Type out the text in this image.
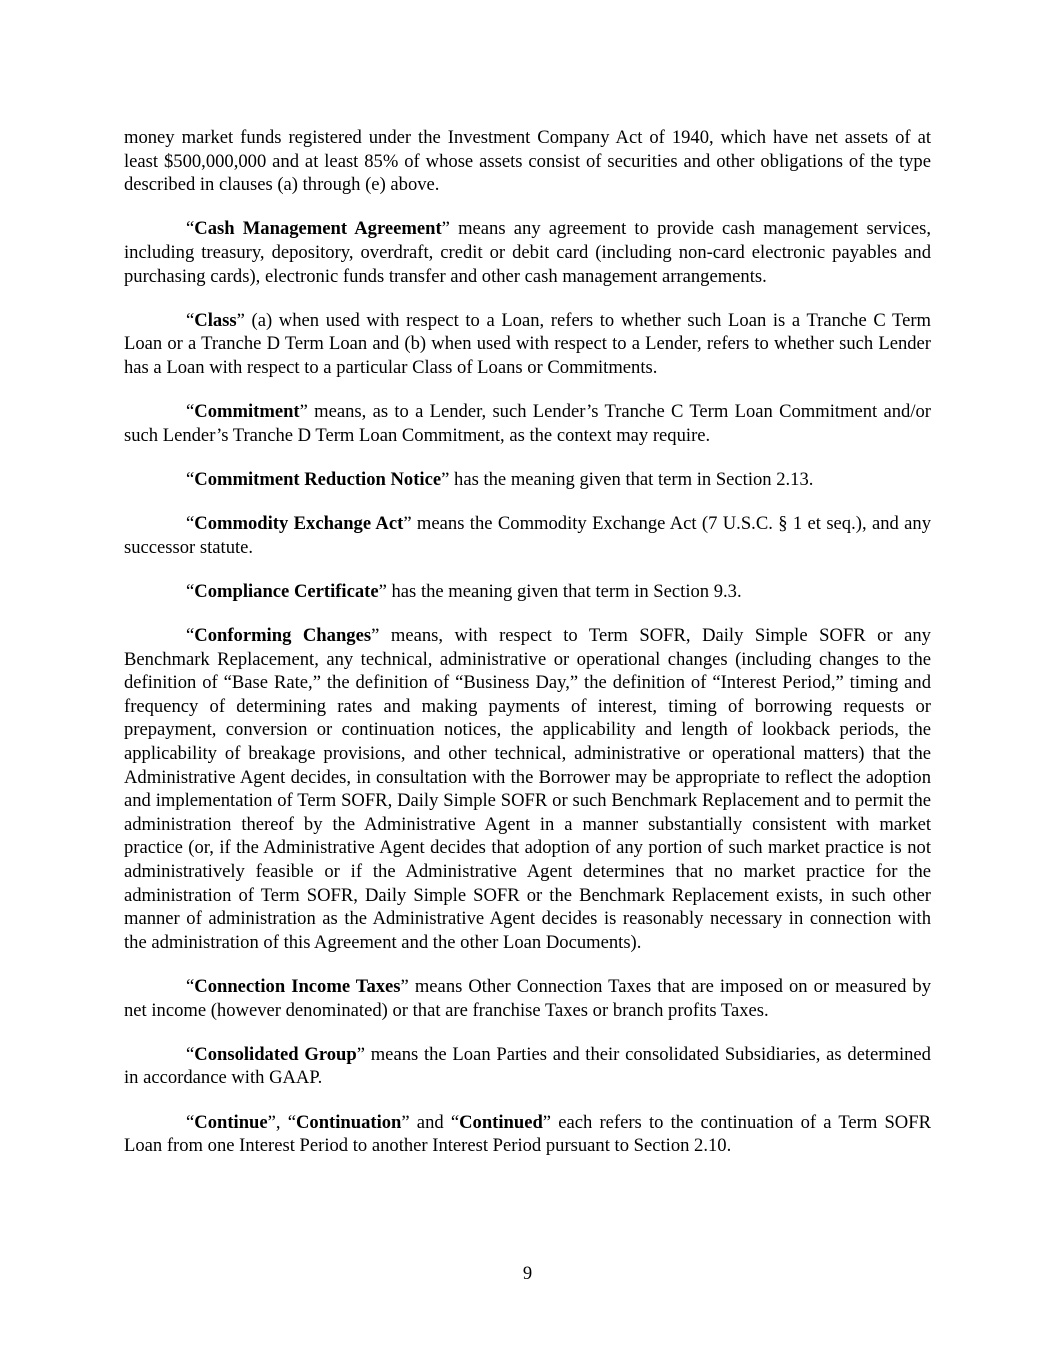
money market funds registered under the Investment Company Act of 1940, which have net assets of at least $500,000,000 and at least 85% of whose assets consist of securities and other obligations of the type described in clauses (a) through (e) above.

“Cash Management Agreement” means any agreement to provide cash management services, including treasury, depository, overdraft, credit or debit card (including non-card electronic payables and purchasing cards), electronic funds transfer and other cash management arrangements.

“Class” (a) when used with respect to a Loan, refers to whether such Loan is a Tranche C Term Loan or a Tranche D Term Loan and (b) when used with respect to a Lender, refers to whether such Lender has a Loan with respect to a particular Class of Loans or Commitments.

“Commitment” means, as to a Lender, such Lender’s Tranche C Term Loan Commitment and/or such Lender’s Tranche D Term Loan Commitment, as the context may require.

“Commitment Reduction Notice” has the meaning given that term in Section 2.13.

“Commodity Exchange Act” means the Commodity Exchange Act (7 U.S.C. § 1 et seq.), and any successor statute.

“Compliance Certificate” has the meaning given that term in Section 9.3.

“Conforming Changes” means, with respect to Term SOFR, Daily Simple SOFR or any Benchmark Replacement, any technical, administrative or operational changes (including changes to the definition of “Base Rate,” the definition of “Business Day,” the definition of “Interest Period,” timing and frequency of determining rates and making payments of interest, timing of borrowing requests or prepayment, conversion or continuation notices, the applicability and length of lookback periods, the applicability of breakage provisions, and other technical, administrative or operational matters) that the Administrative Agent decides, in consultation with the Borrower may be appropriate to reflect the adoption and implementation of Term SOFR, Daily Simple SOFR or such Benchmark Replacement and to permit the administration thereof by the Administrative Agent in a manner substantially consistent with market practice (or, if the Administrative Agent decides that adoption of any portion of such market practice is not administratively feasible or if the Administrative Agent determines that no market practice for the administration of Term SOFR, Daily Simple SOFR or the Benchmark Replacement exists, in such other manner of administration as the Administrative Agent decides is reasonably necessary in connection with the administration of this Agreement and the other Loan Documents).

“Connection Income Taxes” means Other Connection Taxes that are imposed on or measured by net income (however denominated) or that are franchise Taxes or branch profits Taxes.

“Consolidated Group” means the Loan Parties and their consolidated Subsidiaries, as determined in accordance with GAAP.

“Continue”, “Continuation” and “Continued” each refers to the continuation of a Term SOFR Loan from one Interest Period to another Interest Period pursuant to Section 2.10.

9
